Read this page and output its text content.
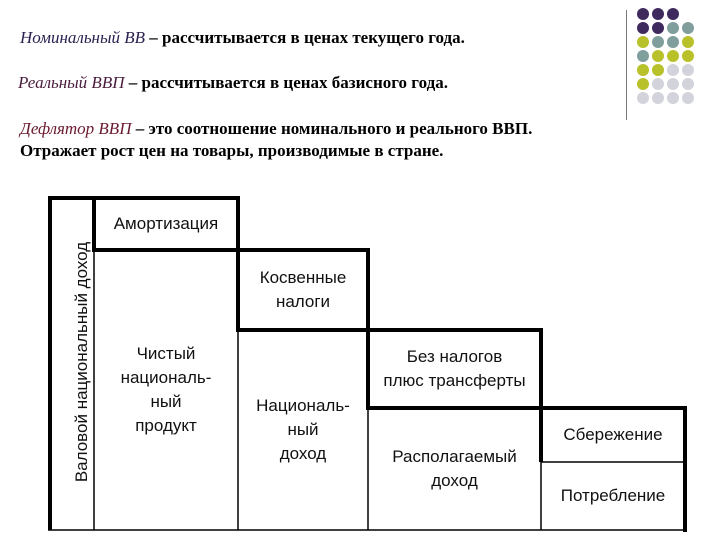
Номинальный ВВ – рассчитывается в ценах текущего года.
Реальный ВВП – рассчитывается в ценах базисного года.
Дефлятор ВВП – это соотношение номинального и реального ВВП.
Отражает рост цен на товары, производимые в стране.
Валовой национальный доход
Амортизация
Косвенные
налоги
Чистый
националь-
ный
продукт
Националь-
ный
доход
Без налогов
плюс трансферты
Располагаемый
доход
Сбережение
Потребление
